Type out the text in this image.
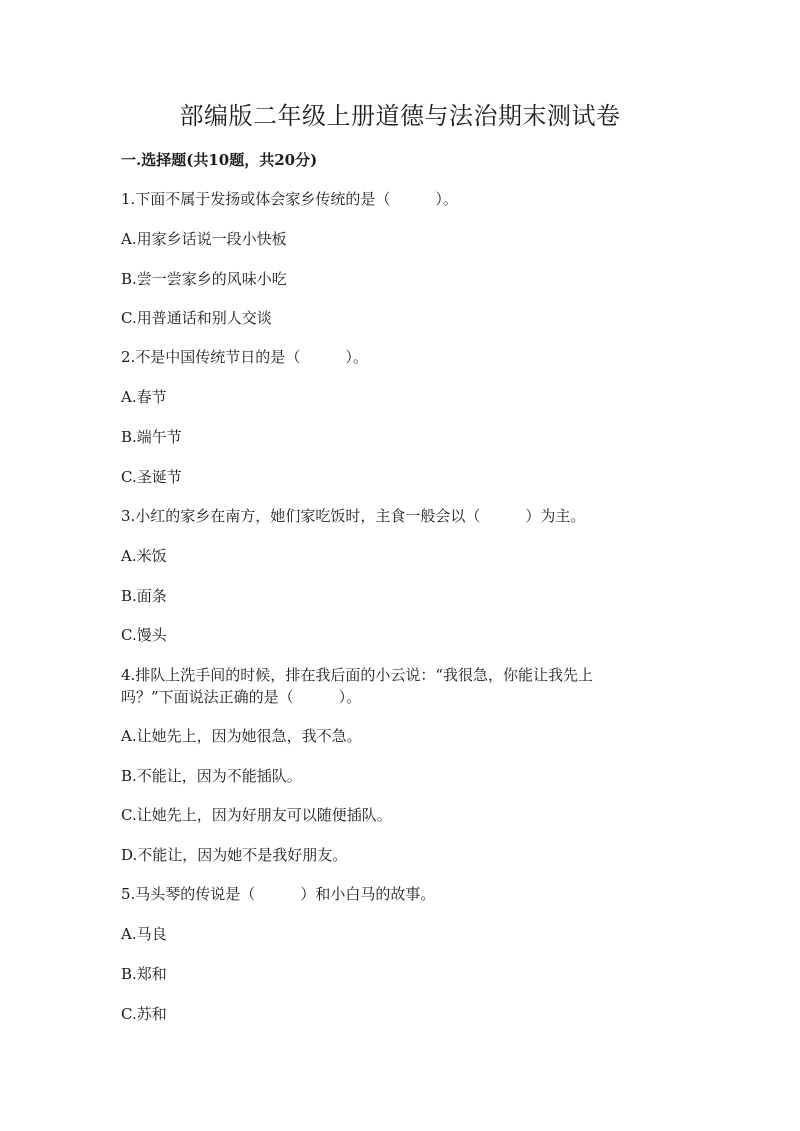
部编版二年级上册道德与法治期末测试卷
一.选择题(共10题，共20分)
1.下面不属于发扬或体会家乡传统的是（　　　）。
A.用家乡话说一段小快板
B.尝一尝家乡的风味小吃
C.用普通话和别人交谈
2.不是中国传统节日的是（　　　）。
A.春节
B.端午节
C.圣诞节
3.小红的家乡在南方，她们家吃饭时，主食一般会以（　　　）为主。
A.米饭
B.面条
C.馒头
4.排队上洗手间的时候，排在我后面的小云说：“我很急，你能让我先上
吗？”下面说法正确的是（　　　）。
A.让她先上，因为她很急，我不急。
B.不能让，因为不能插队。
C.让她先上，因为好朋友可以随便插队。
D.不能让，因为她不是我好朋友。
5.马头琴的传说是（　　　）和小白马的故事。
A.马良
B.郑和
C.苏和
